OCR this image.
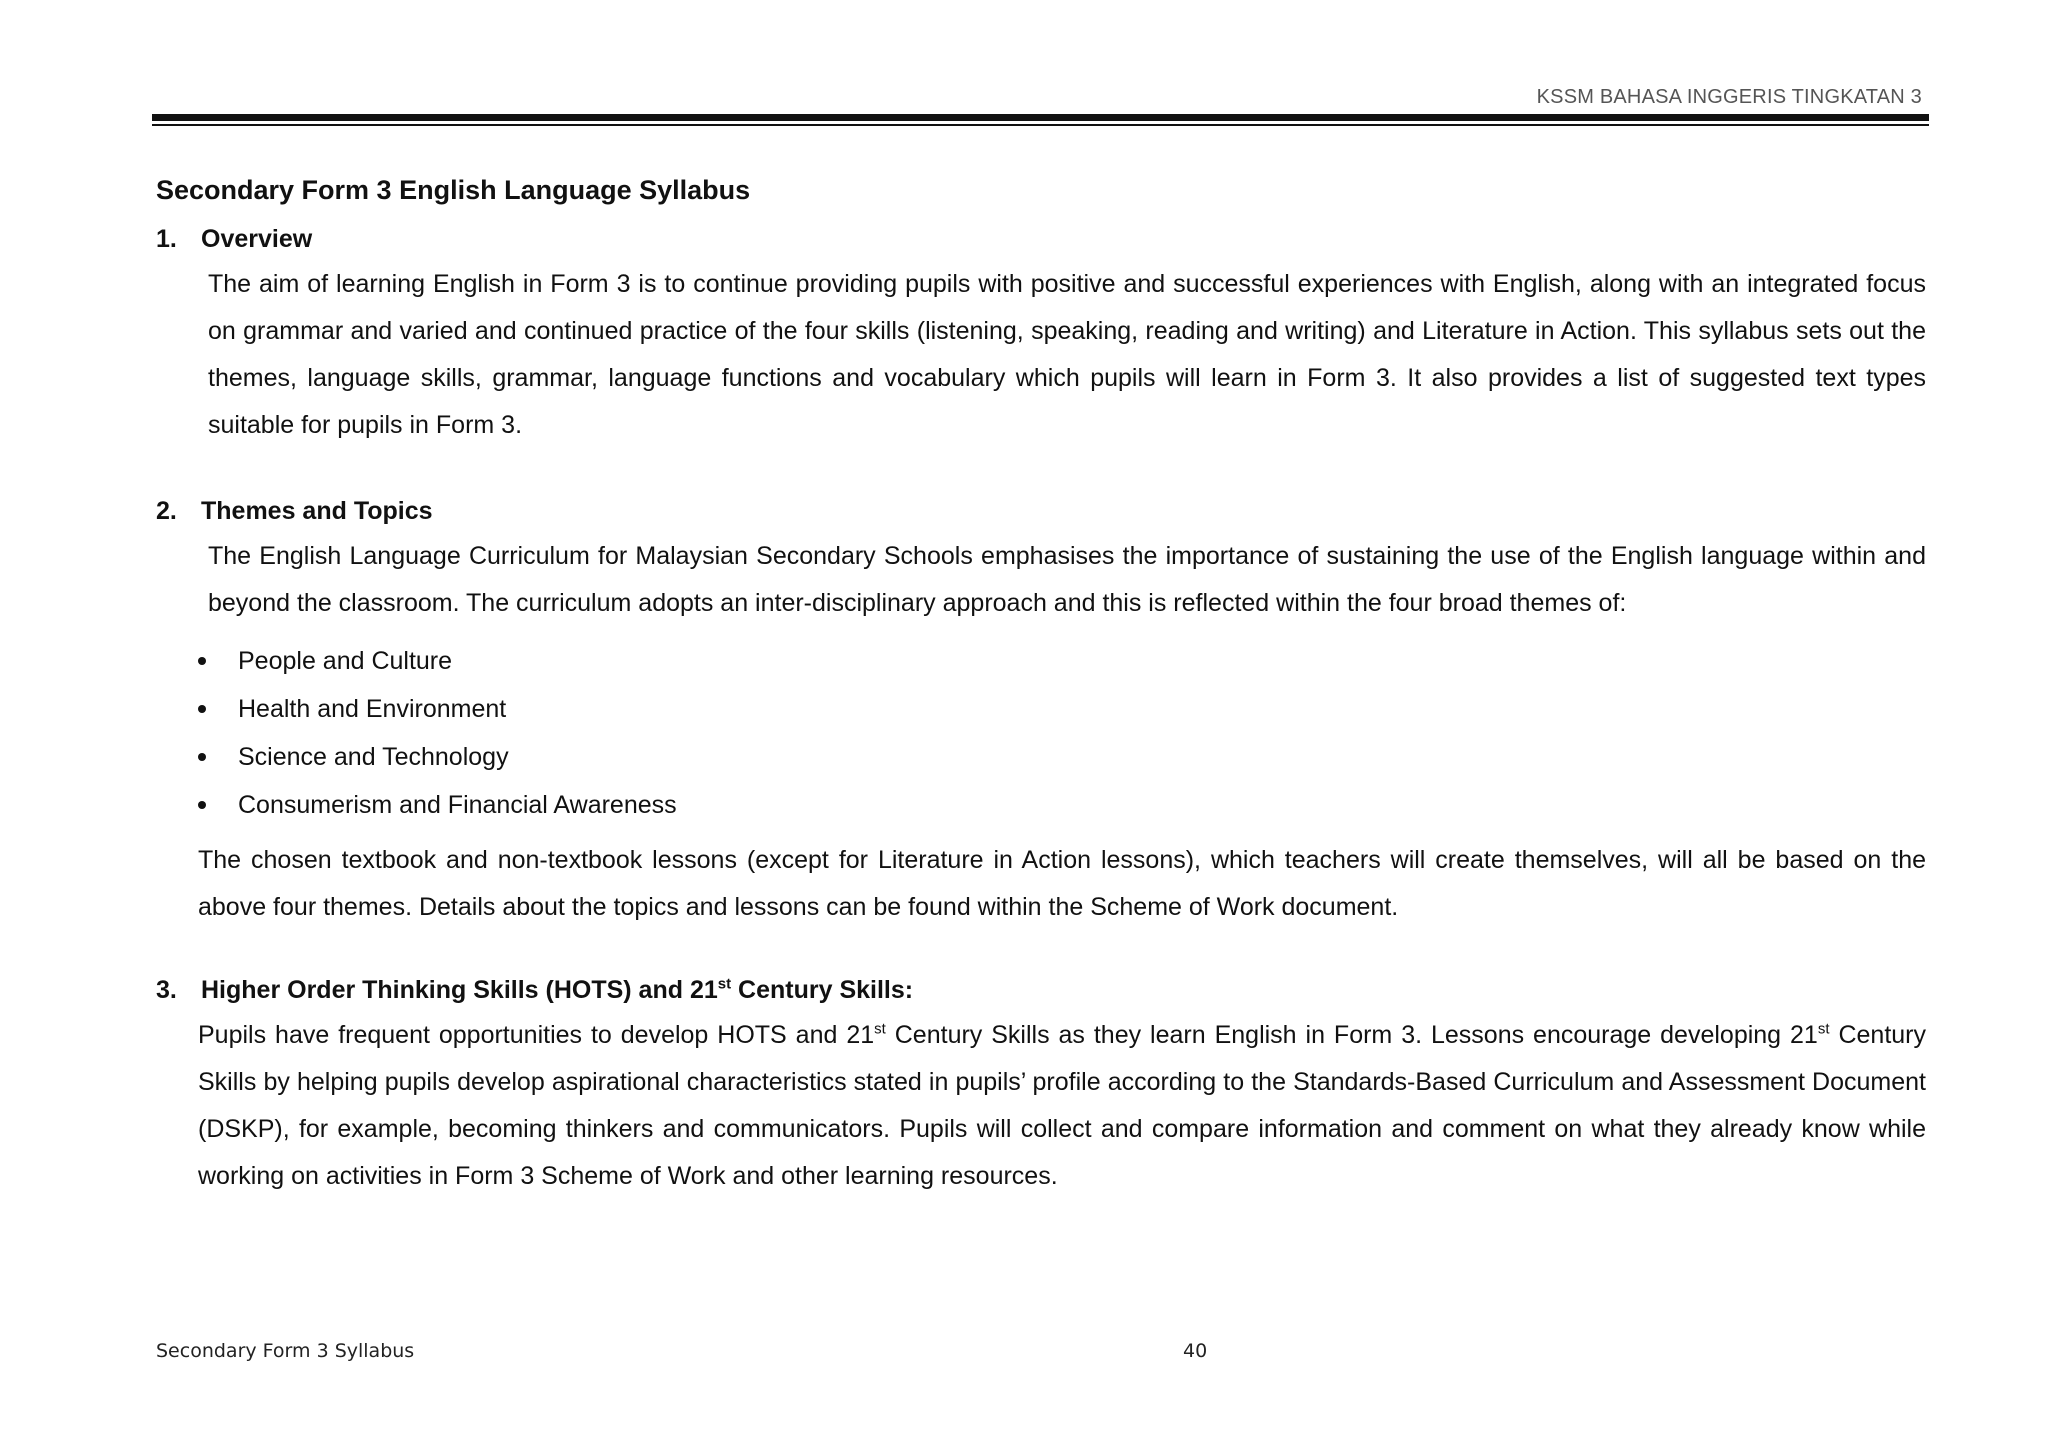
KSSM BAHASA INGGERIS TINGKATAN 3
Secondary Form 3 English Language Syllabus
1. Overview

The aim of learning English in Form 3 is to continue providing pupils with positive and successful experiences with English, along with an integrated focus on grammar and varied and continued practice of the four skills (listening, speaking, reading and writing) and Literature in Action. This syllabus sets out the themes, language skills, grammar, language functions and vocabulary which pupils will learn in Form 3. It also provides a list of suggested text types suitable for pupils in Form 3.

2. Themes and Topics

The English Language Curriculum for Malaysian Secondary Schools emphasises the importance of sustaining the use of the English language within and beyond the classroom. The curriculum adopts an inter-disciplinary approach and this is reflected within the four broad themes of:

People and Culture
Health and Environment
Science and Technology
Consumerism and Financial Awareness

The chosen textbook and non-textbook lessons (except for Literature in Action lessons), which teachers will create themselves, will all be based on the above four themes. Details about the topics and lessons can be found within the Scheme of Work document.

3. Higher Order Thinking Skills (HOTS) and 21st Century Skills:

Pupils have frequent opportunities to develop HOTS and 21st Century Skills as they learn English in Form 3. Lessons encourage developing 21st Century Skills by helping pupils develop aspirational characteristics stated in pupils’ profile according to the Standards-Based Curriculum and Assessment Document (DSKP), for example, becoming thinkers and communicators. Pupils will collect and compare information and comment on what they already know while working on activities in Form 3 Scheme of Work and other learning resources.

Secondary Form 3 Syllabus	40
